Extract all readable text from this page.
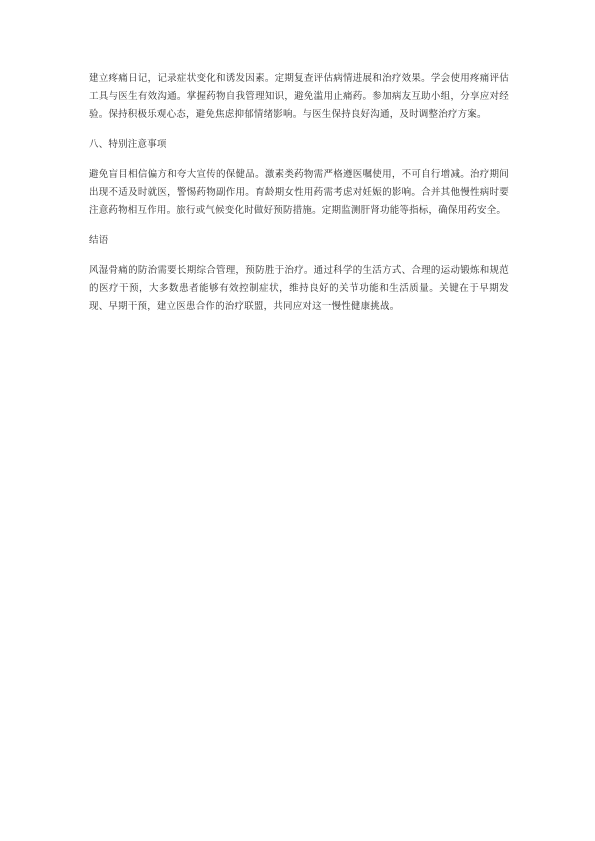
建立疼痛日记，记录症状变化和诱发因素。定期复查评估病情进展和治疗效果。学会使用疼痛评估工具与医生有效沟通。掌握药物自我管理知识，避免滥用止痛药。参加病友互助小组，分享应对经验。保持积极乐观心态，避免焦虑抑郁情绪影响。与医生保持良好沟通，及时调整治疗方案。

八、特别注意事项

避免盲目相信偏方和夸大宣传的保健品。激素类药物需严格遵医嘱使用，不可自行增减。治疗期间出现不适及时就医，警惕药物副作用。育龄期女性用药需考虑对妊娠的影响。合并其他慢性病时要注意药物相互作用。旅行或气候变化时做好预防措施。定期监测肝肾功能等指标，确保用药安全。

结语

风湿骨痛的防治需要长期综合管理，预防胜于治疗。通过科学的生活方式、合理的运动锻炼和规范的医疗干预，大多数患者能够有效控制症状，维持良好的关节功能和生活质量。关键在于早期发现、早期干预，建立医患合作的治疗联盟，共同应对这一慢性健康挑战。
